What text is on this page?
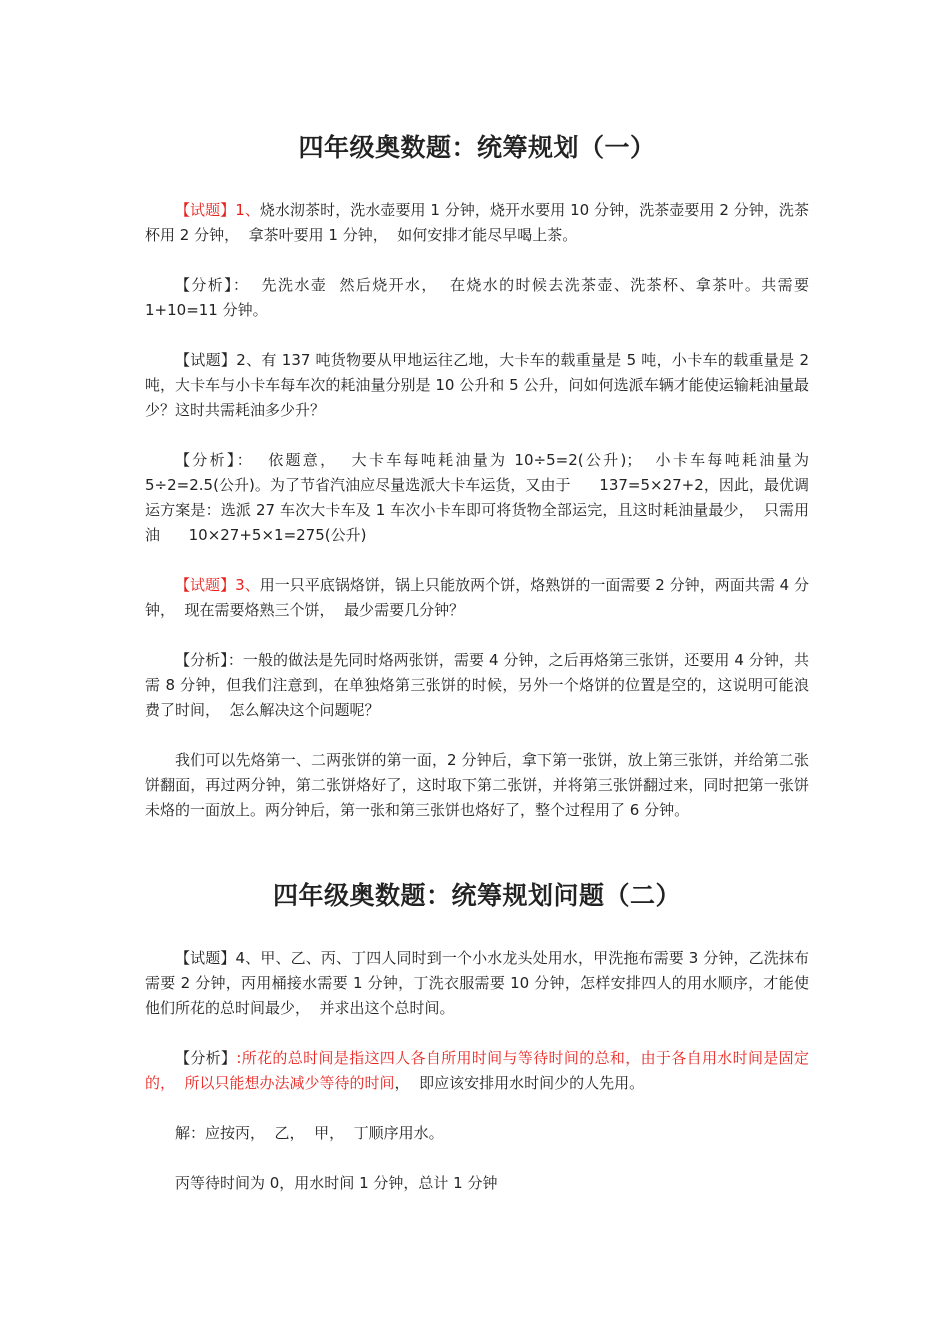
四年级奥数题：统筹规划（一）

【试题】1、烧水沏茶时，洗水壶要用 1 分钟，烧开水要用 10 分钟，洗茶壶要用 2 分钟，洗茶杯用 2 分钟，  拿茶叶要用 1 分钟，  如何安排才能尽早喝上茶。

【分析】：  先洗水壶  然后烧开水，  在烧水的时候去洗茶壶、洗茶杯、拿茶叶。共需要 1+10=11 分钟。

【试题】2、有 137 吨货物要从甲地运往乙地，大卡车的载重量是 5 吨，小卡车的载重量是 2 吨，大卡车与小卡车每车次的耗油量分别是 10 公升和 5 公升，问如何选派车辆才能使运输耗油量最少？这时共需耗油多少升？

【分析】：  依题意，  大卡车每吨耗油量为 10÷5=2(公升)；  小卡车每吨耗油量为 5÷2=2.5(公升)。为了节省汽油应尽量选派大卡车运货，又由于      137=5×27+2，因此，最优调运方案是：选派 27 车次大卡车及 1 车次小卡车即可将货物全部运完，且这时耗油量最少，  只需用油      10×27+5×1=275(公升)

【试题】3、用一只平底锅烙饼，锅上只能放两个饼，烙熟饼的一面需要 2 分钟，两面共需 4 分钟，  现在需要烙熟三个饼，  最少需要几分钟？

【分析】：一般的做法是先同时烙两张饼，需要 4 分钟，之后再烙第三张饼，还要用 4 分钟，共需 8 分钟，但我们注意到，在单独烙第三张饼的时候，另外一个烙饼的位置是空的，这说明可能浪费了时间，  怎么解决这个问题呢？

我们可以先烙第一、二两张饼的第一面，2 分钟后，拿下第一张饼，放上第三张饼，并给第二张饼翻面，再过两分钟，第二张饼烙好了，这时取下第二张饼，并将第三张饼翻过来，同时把第一张饼未烙的一面放上。两分钟后，第一张和第三张饼也烙好了，整个过程用了 6 分钟。

四年级奥数题：统筹规划问题（二）

【试题】4、甲、乙、丙、丁四人同时到一个小水龙头处用水，甲洗拖布需要 3 分钟，乙洗抹布需要 2 分钟，丙用桶接水需要 1 分钟，丁洗衣服需要 10 分钟，怎样安排四人的用水顺序，才能使他们所花的总时间最少，  并求出这个总时间。

【分析】:所花的总时间是指这四人各自所用时间与等待时间的总和，由于各自用水时间是固定的，  所以只能想办法减少等待的时间，  即应该安排用水时间少的人先用。

解：应按丙，  乙，  甲，  丁顺序用水。

丙等待时间为 0，用水时间 1 分钟，总计 1 分钟
